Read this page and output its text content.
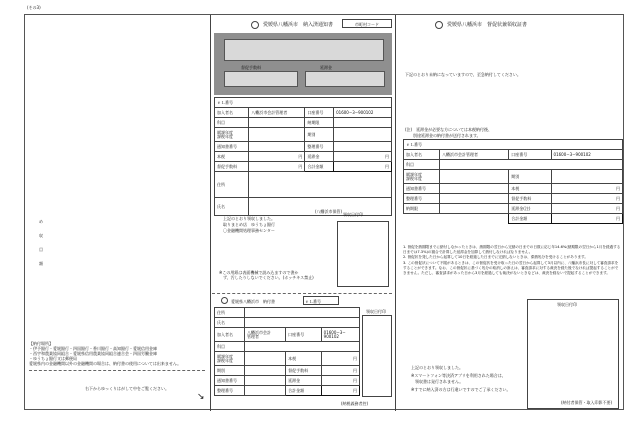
(その3)
め収目額
【納付場所】
・伊予銀行・愛媛銀行・四国銀行・香川銀行・高知銀行・愛媛信用金庫
・西宇和農業協同組合・愛媛県信用農業協同組合連合会・四国労働金庫
・ゆうちょ銀行又は郵便局
愛媛県内の金融機関以外の金融機関の場合は、納付書の使用については出来ません。
右下からゆっくりはがして中をご覧ください。
↘
愛媛県八幡浜市　納入済通知書	市町村コード
督促手数料	延滞金
ｅＬ番号			
加入者名	八幡浜市会計管理者	口座番号	01600−3−900102
科目		納期限	
賦課年度
課税年度		期別	
通知書番号		整理番号	
本税	円	延滞金	円
督促手数料	円	合計金額	円
住所			
氏名			
(八幡浜市保管)
上記のとおり領収しました。
取りまとめ店　ゆうちょ銀行
〇金融機関処理事務センター
領収日付印
※この用紙は表面機械で読み込ますので書か
　ず、汚したりしないでください。(ホッチキス禁止)
愛媛県八幡浜市　納付書	ｅＬ番号
住所			
氏名			
加入者名	八幡浜市会計
管理者	口座番号	01600−3−
900102
科目			
賦課年度
課税年度		本税	円
期別		督促手数料	円
通知書番号		延滞金	円
整理番号		合計金額	円
領収日付印
(納税義務者控)
愛媛県八幡浜市　督促状兼領収証書
下記のとおり未納になっていますので、至急納付してください。
(注)　延滞金が必要な方については本税納付後、
　　別途延滞金の納付書が送付されます。
ｅＬ番号			
加入者名	八幡浜市会計管理者	口座番号	01600−3−900102
科目			
賦課年度
課税年度		期別	
通知書番号		本税	円
整理番号		督促手数料	円
納期限		延滞金(注)	円
		合計金額	円
1. 督促を納期限までに納付しなかったときは、納期限の翌日から完納の日までの日数に応じ年14.6%(納期限の翌日から1月を経過する日までは7.3%)の割合で計算した延滞金を加算して納付しなければなりません。
2. 督促状を発した日から起算して10日を経過した日までに完納しないときは、滞納処分を受けることがあります。
3. この督促状について不服があるときは、この督促状を受け取った日の翌日から起算して3月以内に、八幡浜市長に対して審査請求をすることができます。なお、この督促状に基づく処分の取消しの訴えは、審査請求に対する裁決を経た後でなければ提起することができません。ただし、審査請求があった日から3月を経過しても裁決がないときなどは、裁決を経ないで提起することができます。
領収日付印
上記のとおり領収しました。
※スマートフォン等決済アプリを利用された場合は、
　領収書は発行されません。
※すでに納入済の方は行違いですのでご了承ください。
(納付者保管・取入印影不要)
